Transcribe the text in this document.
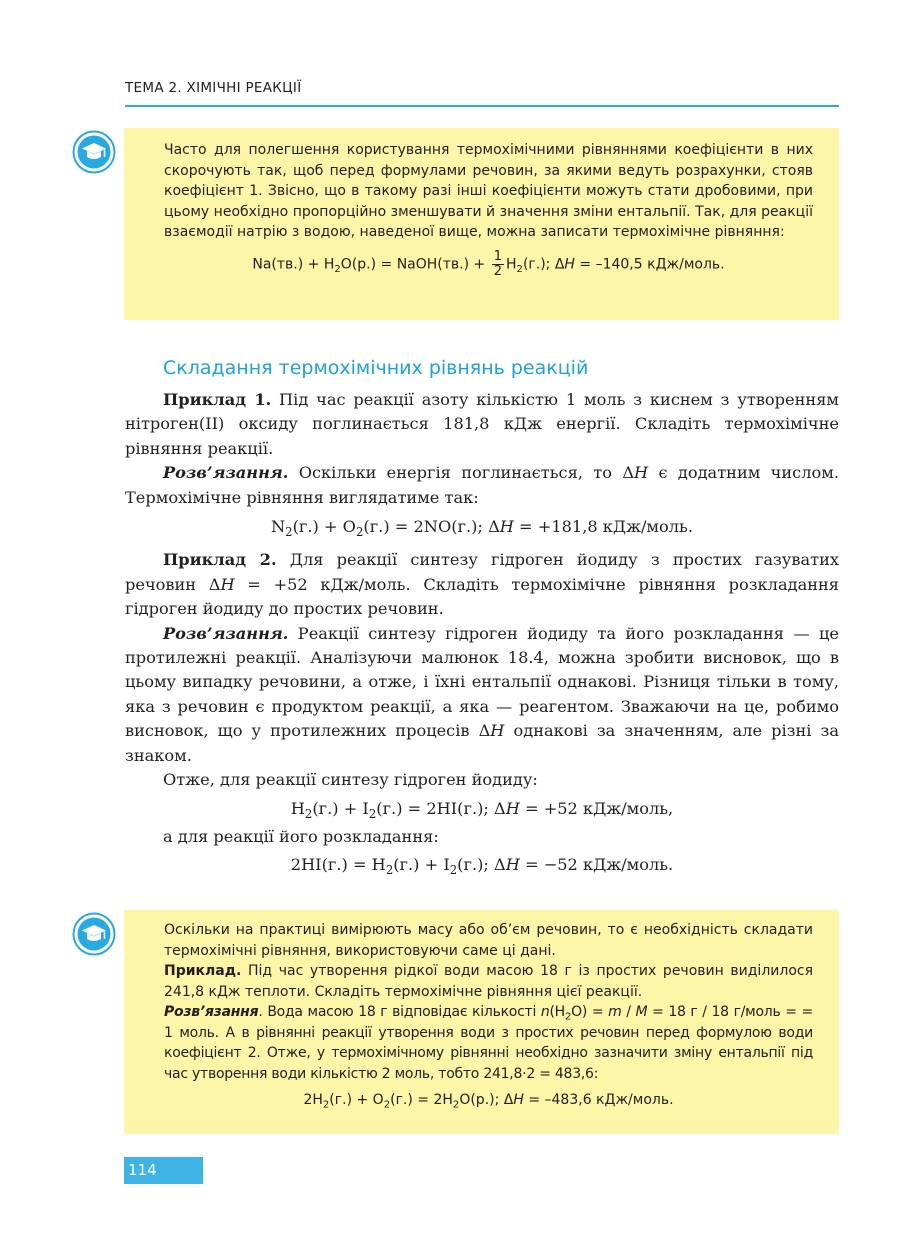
ТЕМА 2. ХІМІЧНІ РЕАКЦІЇ

Часто для полегшення користування термохімічними рівняннями коефіцієнти в них скорочують так, щоб перед формулами речовин, за якими ведуть розрахунки, стояв коефіцієнт 1. Звісно, що в такому разі інші коефіцієнти можуть стати дробовими, при цьому необхідно пропорційно зменшувати й значення зміни ентальпії. Так, для реакції взаємодії натрію з водою, наведеної вище, можна записати термохімічне рівняння:

$Na(тв.) + H_2O(р.)$ = NaOH(тв.) + $\frac{1}{2} H_2(г.)$; ΔH = –140,5 кДж/моль.
Складання термохімічних рівнянь реакцій

Приклад 1. Під час реакції азоту кількістю 1 моль з киснем з утворенням нітроген(ІІ) оксиду поглинається 181,8 кДж енергії. Складіть термохімічне рівняння реакції.

Розв’язання. Оскільки енергія поглинається, то ΔH є додатним числом. Термохімічне рівняння виглядатиме так:

$N_2(г.) + O_2(г.) = 2NO(г.)$; ΔH = +181,8 кДж/моль.

Приклад 2. Для реакції синтезу гідроген йодиду з простих газуватих речовин ΔH = +52 кДж/моль. Складіть термохімічне рівняння розкладання гідроген йодиду до простих речовин.

Розв’язання. Реакції синтезу гідроген йодиду та його розкладання — це протилежні реакції. Аналізуючи малюнок 18.4, можна зробити висновок, що в цьому випадку речовини, а отже, і їхні ентальпії однакові. Різниця тільки в тому, яка з речовин є продуктом реакції, а яка — реагентом. Зважаючи на це, робимо висновок, що у протилежних процесів ΔH однакові за значенням, але різні за знаком.

Отже, для реакції синтезу гідроген йодиду:

$H_2(г.) + I_2(г.) = 2HI(г.)$; ΔH = +52 кДж/моль,

а для реакції його розкладання:

$2HI(г.) = H_2(г.) + I_2(г.)$; ΔH = −52 кДж/моль.

Оскільки на практиці вимірюють масу або об’єм речовин, то є необхідність складати термохімічні рівняння, використовуючи саме ці дані.

Приклад. Під час утворення рідкої води масою 18 г із простих речовин виділилося 241,8 кДж теплоти. Складіть термохімічне рівняння цієї реакції.

Розв’язання. Вода масою 18 г відповідає кількості $n(H_2O) = m / M = 18$ г / 18 г/моль = = 1 моль. А в рівнянні реакції утворення води з простих речовин перед формулою води коефіцієнт 2. Отже, у термохімічному рівнянні необхідно зазначити зміну ентальпії під час утворення води кількістю 2 моль, тобто 241,8·2 = 483,6:

$2H_2(г.) + O_2(г.) = 2H_2O(р.)$; ΔH = –483,6 кДж/моль.
114
